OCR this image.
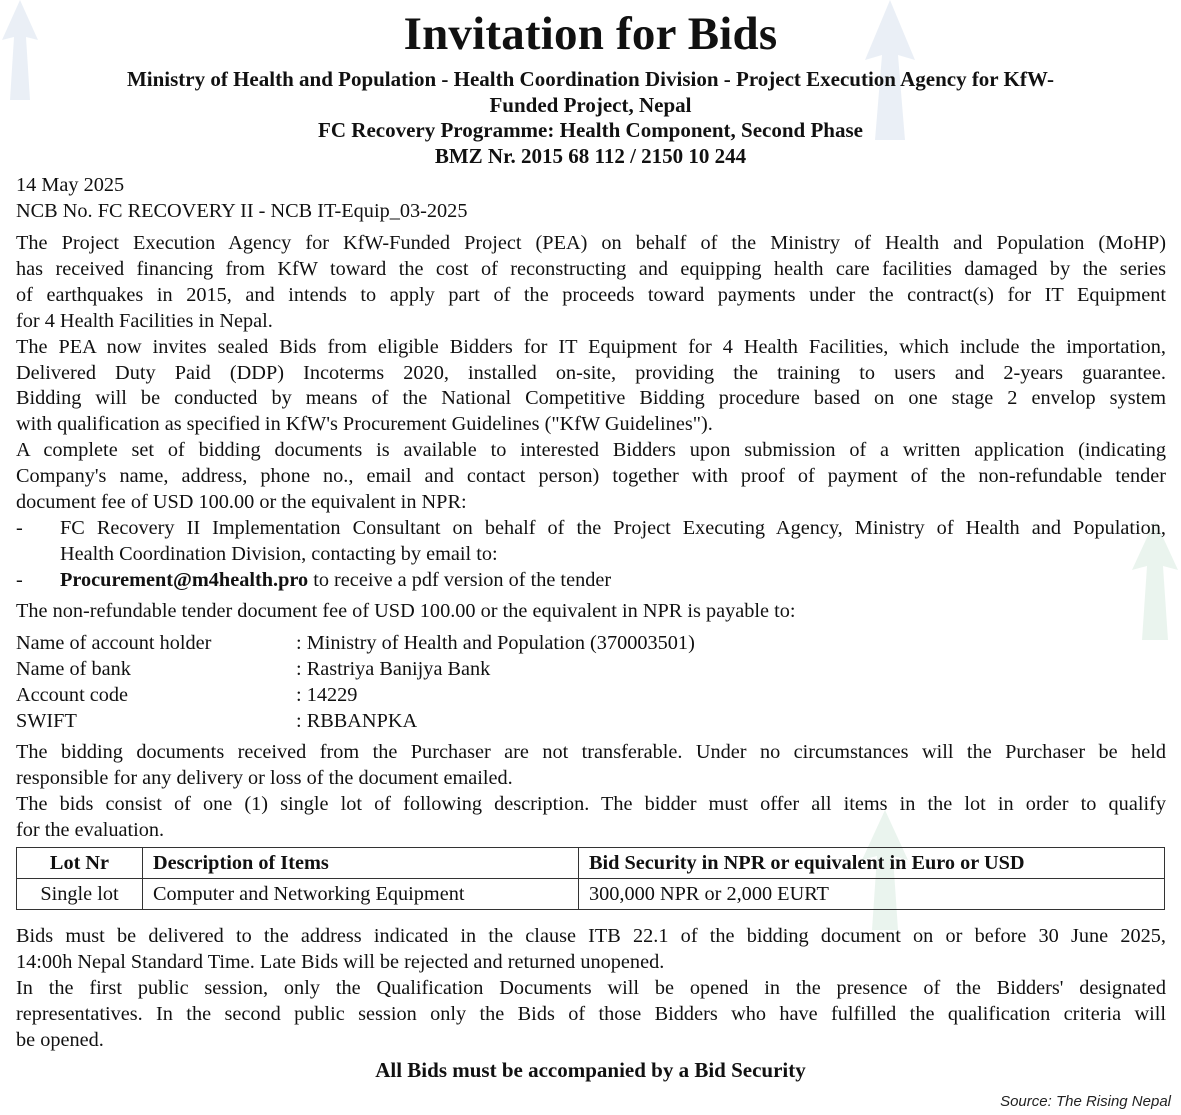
Invitation for Bids
Ministry of Health and Population - Health Coordination Division - Project Execution Agency for KfW-
Funded Project, Nepal
FC Recovery Programme: Health Component, Second Phase
BMZ Nr. 2015 68 112 / 2150 10 244
14 May 2025
NCB No. FC RECOVERY II - NCB IT-Equip_03-2025
The Project Execution Agency for KfW-Funded Project (PEA) on behalf of the Ministry of Health and Population (MoHP)
has received financing from KfW toward the cost of reconstructing and equipping health care facilities damaged by the series
of earthquakes in 2015, and intends to apply part of the proceeds toward payments under the contract(s) for IT Equipment
for 4 Health Facilities in Nepal.
The PEA now invites sealed Bids from eligible Bidders for IT Equipment for 4 Health Facilities, which include the importation,
Delivered Duty Paid (DDP) Incoterms 2020, installed on-site, providing the training to users and 2-years guarantee.
Bidding will be conducted by means of the National Competitive Bidding procedure based on one stage 2 envelop system
with qualification as specified in KfW's Procurement Guidelines ("KfW Guidelines").
A complete set of bidding documents is available to interested Bidders upon submission of a written application (indicating
Company's name, address, phone no., email and contact person) together with proof of payment of the non-refundable tender
document fee of USD 100.00 or the equivalent in NPR:
- FC Recovery II Implementation Consultant on behalf of the Project Executing Agency, Ministry of Health and Population,
Health Coordination Division, contacting by email to:
- Procurement@m4health.pro to receive a pdf version of the tender
The non-refundable tender document fee of USD 100.00 or the equivalent in NPR is payable to:
Name of account holder	: Ministry of Health and Population (370003501)
Name of bank	: Rastriya Banijya Bank
Account code	: 14229
SWIFT	: RBBANPKA
The bidding documents received from the Purchaser are not transferable. Under no circumstances will the Purchaser be held
responsible for any delivery or loss of the document emailed.
The bids consist of one (1) single lot of following description. The bidder must offer all items in the lot in order to qualify
for the evaluation.
Lot Nr	Description of Items	Bid Security in NPR or equivalent in Euro or USD
Single lot	Computer and Networking Equipment	300,000 NPR or 2,000 EURT
Bids must be delivered to the address indicated in the clause ITB 22.1 of the bidding document on or before 30 June 2025,
14:00h Nepal Standard Time. Late Bids will be rejected and returned unopened.
In the first public session, only the Qualification Documents will be opened in the presence of the Bidders' designated
representatives. In the second public session only the Bids of those Bidders who have fulfilled the qualification criteria will
be opened.
All Bids must be accompanied by a Bid Security
Source: The Rising Nepal
